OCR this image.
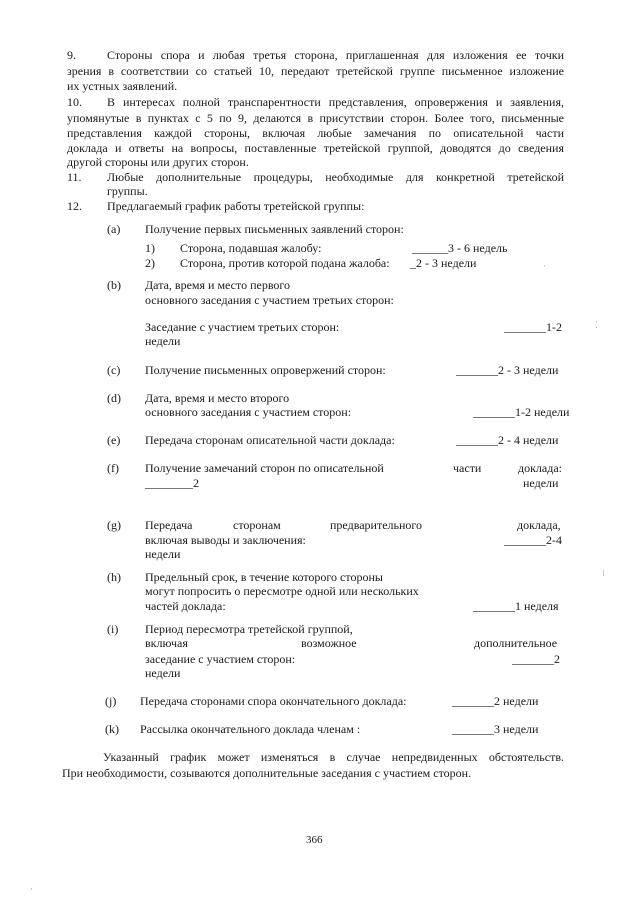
9.	Стороны спора и любая третья сторона, приглашенная для изложения ее точки
зрения в соответствии со статьей 10, передают третейской группе письменное изложение
их устных заявлений.
10. В интересах полной транспарентности представления, опровержения и заявления,
упомянутые в пунктах с 5 по 9, делаются в присутствии сторон. Более того, письменные
представления каждой стороны, включая любые замечания по описательной части
доклада и ответы на вопросы, поставленные третейской группой, доводятся до сведения
другой стороны или других сторон.
11. Любые дополнительные процедуры, необходимые для конкретной третейской
группы.
12. Предлагаемый график работы третейской группы:
(a) Получение первых письменных заявлений сторон:
1) Сторона, подавшая жалобу:	______3 - 6 недель
2) Сторона, против которой подана жалоба: _2 - 3 недели
(b) Дата, время и место первого
основного заседания с участием третьих сторон:
Заседание с участием третьих сторон:	_______1-2
недели
(c) Получение письменных опровержений сторон:	_______2 - 3 недели
(d) Дата, время и место второго
основного заседания с участием сторон:	_______1-2 недели
(e) Передача сторонам описательной части доклада:	_______2 - 4 недели
(f) Получение замечаний сторон по описательной	части	доклада:
________2	недели
(g) Передача	сторонам	предварительного	доклада,
включая выводы и заключения:	_______2-4
недели
(h) Предельный срок, в течение которого стороны
могут попросить о пересмотре одной или нескольких
частей доклада:	_______1 неделя
(i) Период пересмотра третейской группой,
включая	возможное	дополнительное
заседание с участием сторон:	_______2
недели
(j) Передача сторонами спора окончательного доклада:	_______2 недели
(k) Рассылка окончательного доклада членам :	_______3 недели
Указанный график может изменяться в случае непредвиденных обстоятельств.
При необходимости, созываются дополнительные заседания с участием сторон.
366
·
⁚
⁝
·
